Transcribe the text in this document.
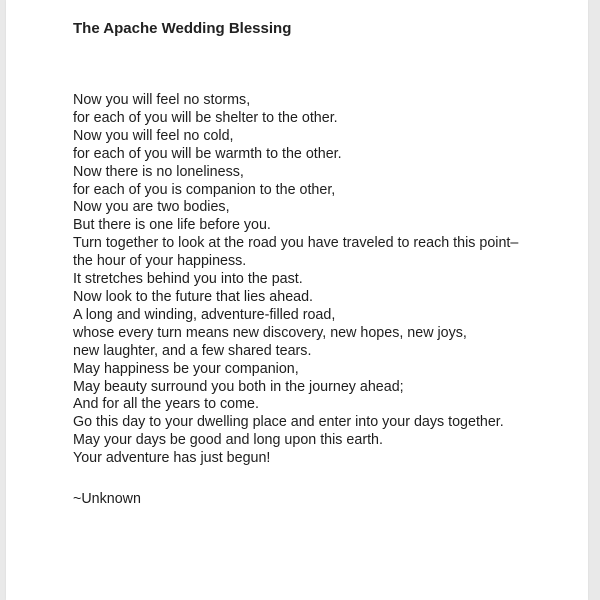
The Apache Wedding Blessing
Now you will feel no storms,
for each of you will be shelter to the other.
Now you will feel no cold,
for each of you will be warmth to the other.
Now there is no loneliness,
for each of you is companion to the other,
Now you are two bodies,
But there is one life before you.
Turn together to look at the road you have traveled to reach this point–
the hour of your happiness.
It stretches behind you into the past.
Now look to the future that lies ahead.
A long and winding, adventure-filled road,
whose every turn means new discovery, new hopes, new joys,
new laughter, and a few shared tears.
May happiness be your companion,
May beauty surround you both in the journey ahead;
And for all the years to come.
Go this day to your dwelling place and enter into your days together.
May your days be good and long upon this earth.
Your adventure has just begun!

~Unknown
